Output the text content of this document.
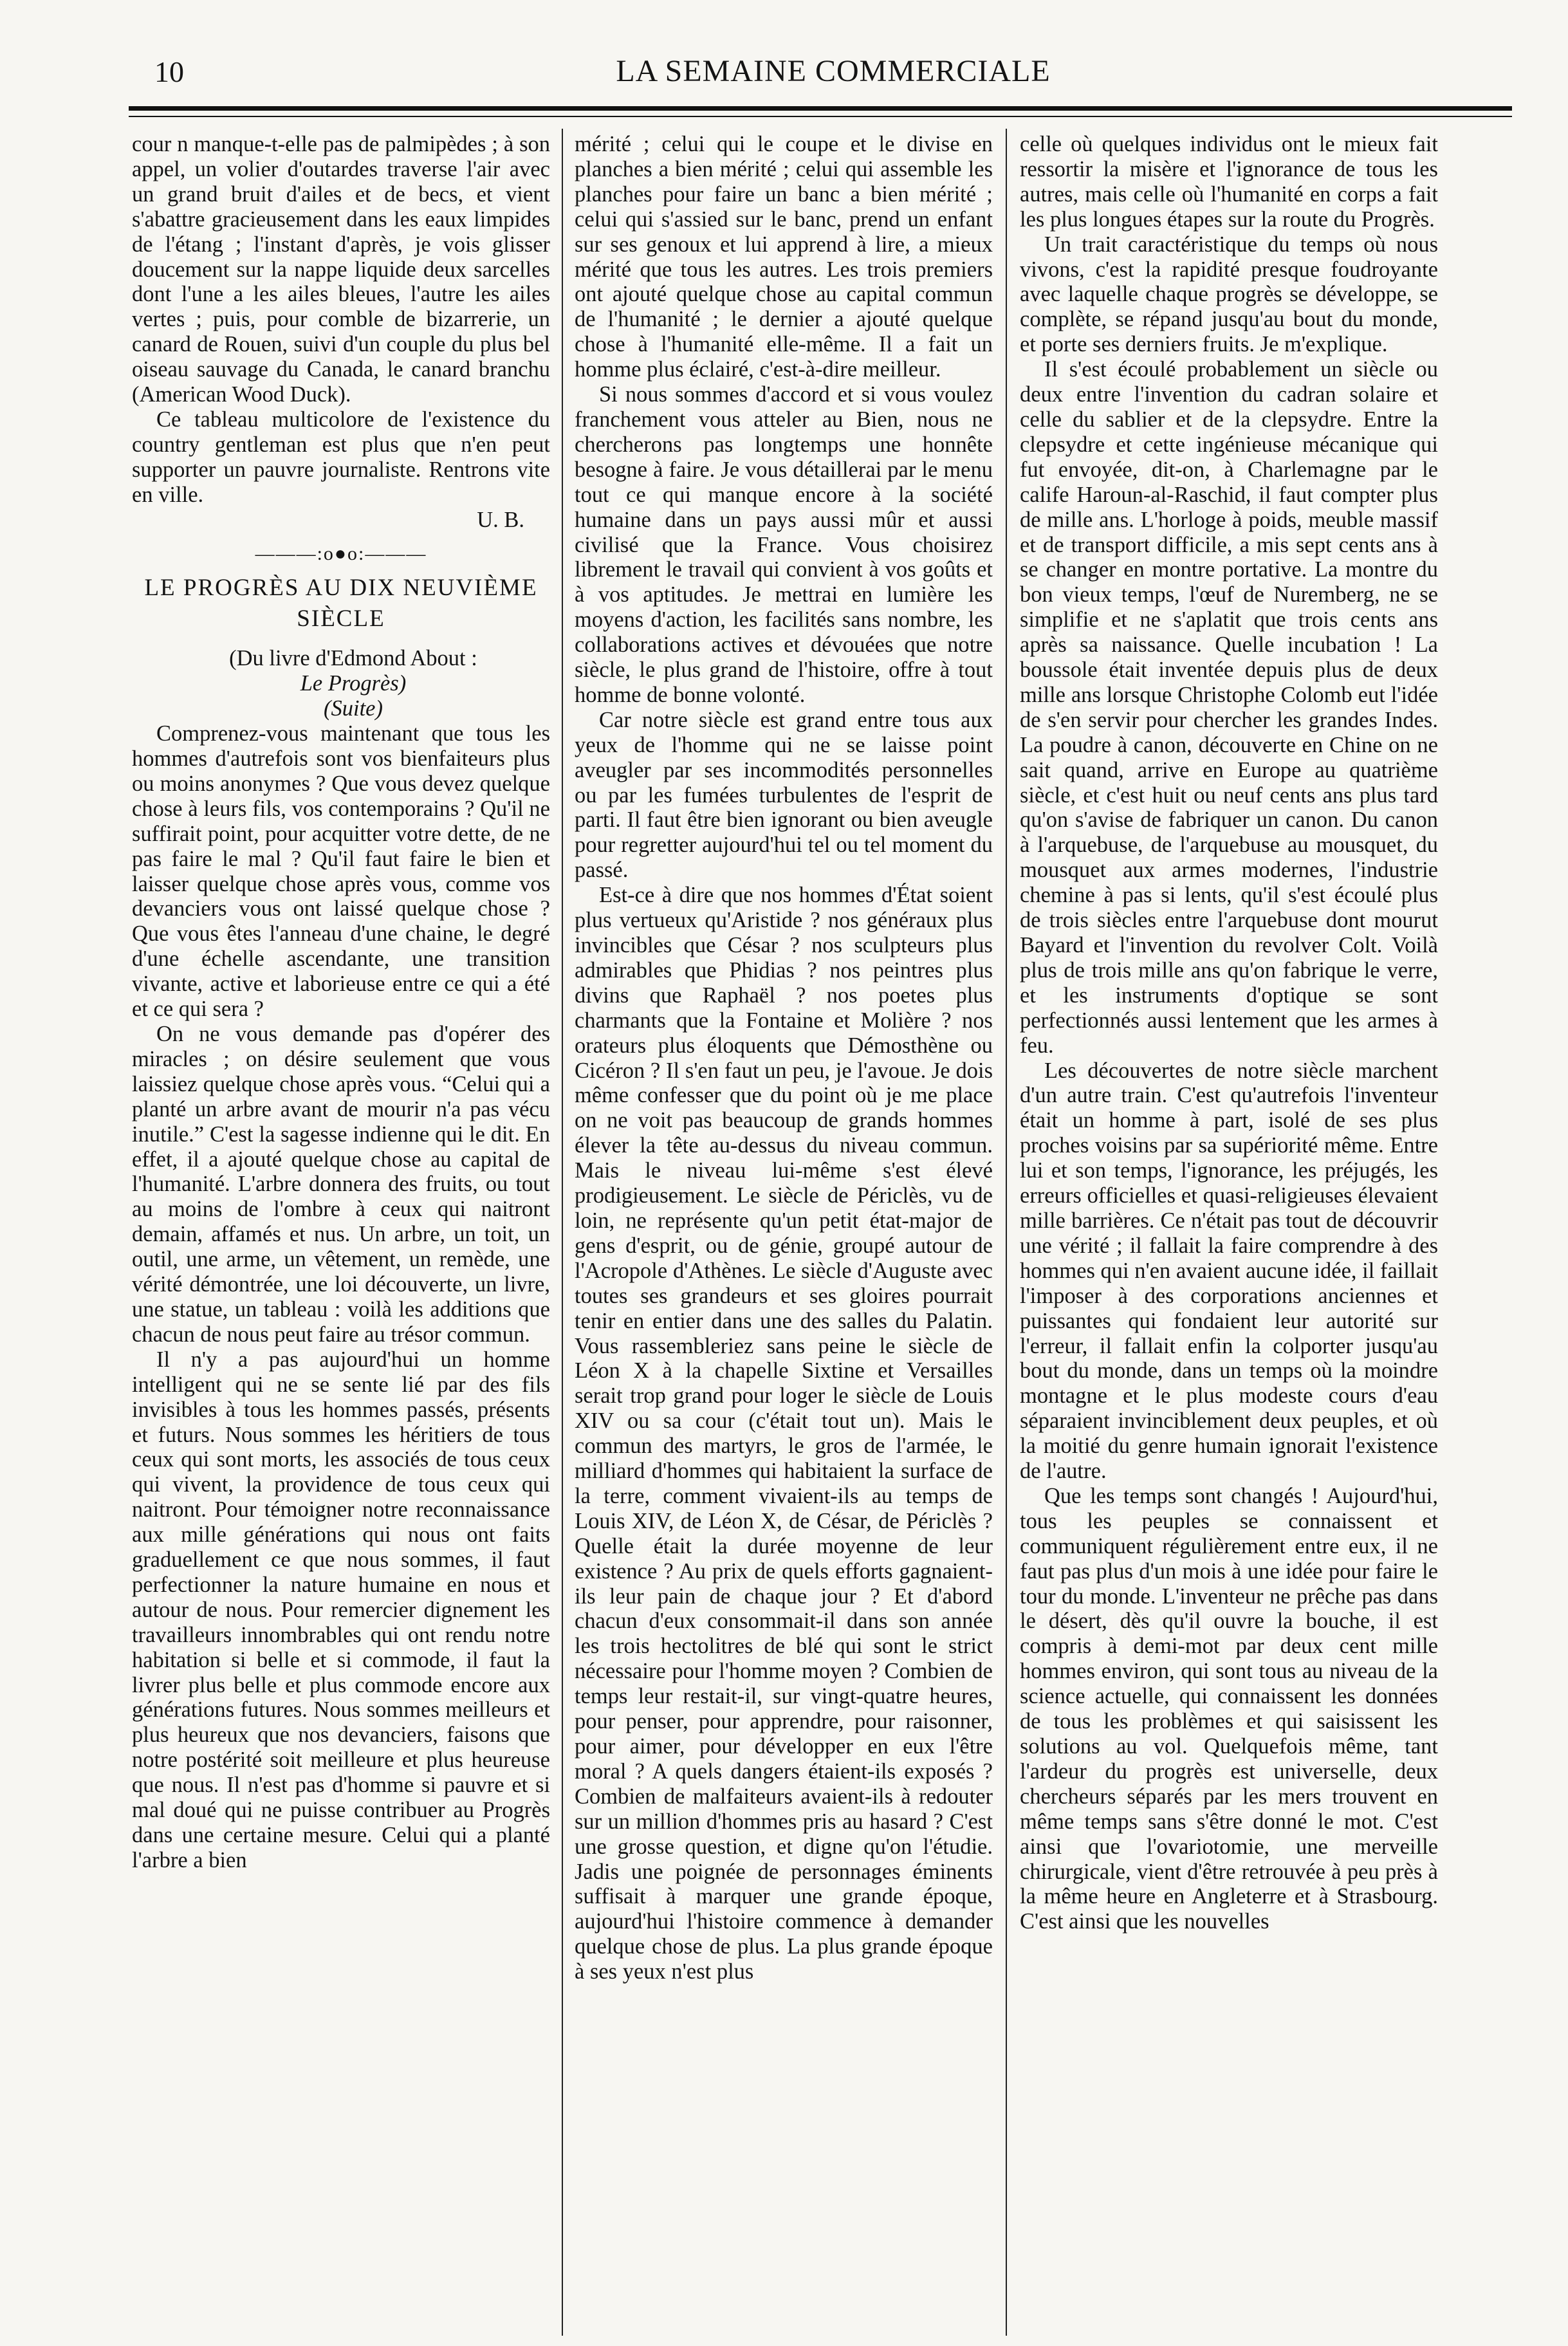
10	LA SEMAINE COMMERCIALE

cour n manque-t-elle pas de palmipèdes ; à son appel, un volier d'outardes traverse l'air avec un grand bruit d'ailes et de becs, et vient s'abattre gracieusement dans les eaux limpides de l'étang ; l'instant d'après, je vois glisser doucement sur la nappe liquide deux sarcelles dont l'une a les ailes bleues, l'autre les ailes vertes ; puis, pour comble de bizarrerie, un canard de Rouen, suivi d'un couple du plus bel oiseau sauvage du Canada, le canard branchu (American Wood Duck).

Ce tableau multicolore de l'existence du country gentleman est plus que n'en peut supporter un pauvre journaliste. Rentrons vite en ville.

U. B.

———:o●o:———
LE PROGRÈS AU DIX NEUVIÈME SIÈCLE

(Du livre d'Edmond About :

Le Progrès)

(Suite)

Comprenez-vous maintenant que tous les hommes d'autrefois sont vos bienfaiteurs plus ou moins anonymes ? Que vous devez quelque chose à leurs fils, vos contemporains ? Qu'il ne suffirait point, pour acquitter votre dette, de ne pas faire le mal ? Qu'il faut faire le bien et laisser quelque chose après vous, comme vos devanciers vous ont laissé quelque chose ? Que vous êtes l'anneau d'une chaine, le degré d'une échelle ascendante, une transition vivante, active et laborieuse entre ce qui a été et ce qui sera ?

On ne vous demande pas d'opérer des miracles ; on désire seulement que vous laissiez quelque chose après vous. “Celui qui a planté un arbre avant de mourir n'a pas vécu inutile.” C'est la sagesse indienne qui le dit. En effet, il a ajouté quelque chose au capital de l'humanité. L'arbre donnera des fruits, ou tout au moins de l'ombre à ceux qui naitront demain, affamés et nus. Un arbre, un toit, un outil, une arme, un vêtement, un remède, une vérité démontrée, une loi découverte, un livre, une statue, un tableau : voilà les additions que chacun de nous peut faire au trésor commun.

Il n'y a pas aujourd'hui un homme intelligent qui ne se sente lié par des fils invisibles à tous les hommes passés, présents et futurs. Nous sommes les héritiers de tous ceux qui sont morts, les associés de tous ceux qui vivent, la providence de tous ceux qui naitront. Pour témoigner notre reconnaissance aux mille générations qui nous ont faits graduellement ce que nous sommes, il faut perfectionner la nature humaine en nous et autour de nous. Pour remercier dignement les travailleurs innombrables qui ont rendu notre habitation si belle et si commode, il faut la livrer plus belle et plus commode encore aux générations futures. Nous sommes meilleurs et plus heureux que nos devanciers, faisons que notre postérité soit meilleure et plus heureuse que nous. Il n'est pas d'homme si pauvre et si mal doué qui ne puisse contribuer au Progrès dans une certaine mesure. Celui qui a planté l'arbre a bien

mérité ; celui qui le coupe et le divise en planches a bien mérité ; celui qui assemble les planches pour faire un banc a bien mérité ; celui qui s'assied sur le banc, prend un enfant sur ses genoux et lui apprend à lire, a mieux mérité que tous les autres. Les trois premiers ont ajouté quelque chose au capital commun de l'humanité ; le dernier a ajouté quelque chose à l'humanité elle-même. Il a fait un homme plus éclairé, c'est-à-dire meilleur.

Si nous sommes d'accord et si vous voulez franchement vous atteler au Bien, nous ne chercherons pas longtemps une honnête besogne à faire. Je vous détaillerai par le menu tout ce qui manque encore à la société humaine dans un pays aussi mûr et aussi civilisé que la France. Vous choisirez librement le travail qui convient à vos goûts et à vos aptitudes. Je mettrai en lumière les moyens d'action, les facilités sans nombre, les collaborations actives et dévouées que notre siècle, le plus grand de l'histoire, offre à tout homme de bonne volonté.

Car notre siècle est grand entre tous aux yeux de l'homme qui ne se laisse point aveugler par ses incommodités personnelles ou par les fumées turbulentes de l'esprit de parti. Il faut être bien ignorant ou bien aveugle pour regretter aujourd'hui tel ou tel moment du passé.

Est-ce à dire que nos hommes d'État soient plus vertueux qu'Aristide ? nos généraux plus invincibles que César ? nos sculpteurs plus admirables que Phidias ? nos peintres plus divins que Raphaël ? nos poetes plus charmants que la Fontaine et Molière ? nos orateurs plus éloquents que Démosthène ou Cicéron ? Il s'en faut un peu, je l'avoue. Je dois même confesser que du point où je me place on ne voit pas beaucoup de grands hommes élever la tête au-dessus du niveau commun. Mais le niveau lui-même s'est élevé prodigieusement. Le siècle de Périclès, vu de loin, ne représente qu'un petit état-major de gens d'esprit, ou de génie, groupé autour de l'Acropole d'Athènes. Le siècle d'Auguste avec toutes ses grandeurs et ses gloires pourrait tenir en entier dans une des salles du Palatin. Vous rassembleriez sans peine le siècle de Léon X à la chapelle Sixtine et Versailles serait trop grand pour loger le siècle de Louis XIV ou sa cour (c'était tout un). Mais le commun des martyrs, le gros de l'armée, le milliard d'hommes qui habitaient la surface de la terre, comment vivaient-ils au temps de Louis XIV, de Léon X, de César, de Périclès ? Quelle était la durée moyenne de leur existence ? Au prix de quels efforts gagnaient-ils leur pain de chaque jour ? Et d'abord chacun d'eux consommait-il dans son année les trois hectolitres de blé qui sont le strict nécessaire pour l'homme moyen ? Combien de temps leur restait-il, sur vingt-quatre heures, pour penser, pour apprendre, pour raisonner, pour aimer, pour développer en eux l'être moral ? A quels dangers étaient-ils exposés ? Combien de malfaiteurs avaient-ils à redouter sur un million d'hommes pris au hasard ? C'est une grosse question, et digne qu'on l'étudie. Jadis une poignée de personnages éminents suffisait à marquer une grande époque, aujourd'hui l'histoire commence à demander quelque chose de plus. La plus grande époque à ses yeux n'est plus

celle où quelques individus ont le mieux fait ressortir la misère et l'ignorance de tous les autres, mais celle où l'humanité en corps a fait les plus longues étapes sur la route du Progrès.

Un trait caractéristique du temps où nous vivons, c'est la rapidité presque foudroyante avec laquelle chaque progrès se développe, se complète, se répand jusqu'au bout du monde, et porte ses derniers fruits. Je m'explique.

Il s'est écoulé probablement un siècle ou deux entre l'invention du cadran solaire et celle du sablier et de la clepsydre. Entre la clepsydre et cette ingénieuse mécanique qui fut envoyée, dit-on, à Charlemagne par le calife Haroun-al-Raschid, il faut compter plus de mille ans. L'horloge à poids, meuble massif et de transport difficile, a mis sept cents ans à se changer en montre portative. La montre du bon vieux temps, l'œuf de Nuremberg, ne se simplifie et ne s'aplatit que trois cents ans après sa naissance. Quelle incubation ! La boussole était inventée depuis plus de deux mille ans lorsque Christophe Colomb eut l'idée de s'en servir pour chercher les grandes Indes. La poudre à canon, découverte en Chine on ne sait quand, arrive en Europe au quatrième siècle, et c'est huit ou neuf cents ans plus tard qu'on s'avise de fabriquer un canon. Du canon à l'arquebuse, de l'arquebuse au mousquet, du mousquet aux armes modernes, l'industrie chemine à pas si lents, qu'il s'est écoulé plus de trois siècles entre l'arquebuse dont mourut Bayard et l'invention du revolver Colt. Voilà plus de trois mille ans qu'on fabrique le verre, et les instruments d'optique se sont perfectionnés aussi lentement que les armes à feu.

Les découvertes de notre siècle marchent d'un autre train. C'est qu'autrefois l'inventeur était un homme à part, isolé de ses plus proches voisins par sa supériorité même. Entre lui et son temps, l'ignorance, les préjugés, les erreurs officielles et quasi-religieuses élevaient mille barrières. Ce n'était pas tout de découvrir une vérité ; il fallait la faire comprendre à des hommes qui n'en avaient aucune idée, il faillait l'imposer à des corporations anciennes et puissantes qui fondaient leur autorité sur l'erreur, il fallait enfin la colporter jusqu'au bout du monde, dans un temps où la moindre montagne et le plus modeste cours d'eau séparaient invinciblement deux peuples, et où la moitié du genre humain ignorait l'existence de l'autre.

Que les temps sont changés ! Aujourd'hui, tous les peuples se connaissent et communiquent régulièrement entre eux, il ne faut pas plus d'un mois à une idée pour faire le tour du monde. L'inventeur ne prêche pas dans le désert, dès qu'il ouvre la bouche, il est compris à demi-mot par deux cent mille hommes environ, qui sont tous au niveau de la science actuelle, qui connaissent les données de tous les problèmes et qui saisissent les solutions au vol. Quelquefois même, tant l'ardeur du progrès est universelle, deux chercheurs séparés par les mers trouvent en même temps sans s'être donné le mot. C'est ainsi que l'ovariotomie, une merveille chirurgicale, vient d'être retrouvée à peu près à la même heure en Angleterre et à Strasbourg. C'est ainsi que les nouvelles
